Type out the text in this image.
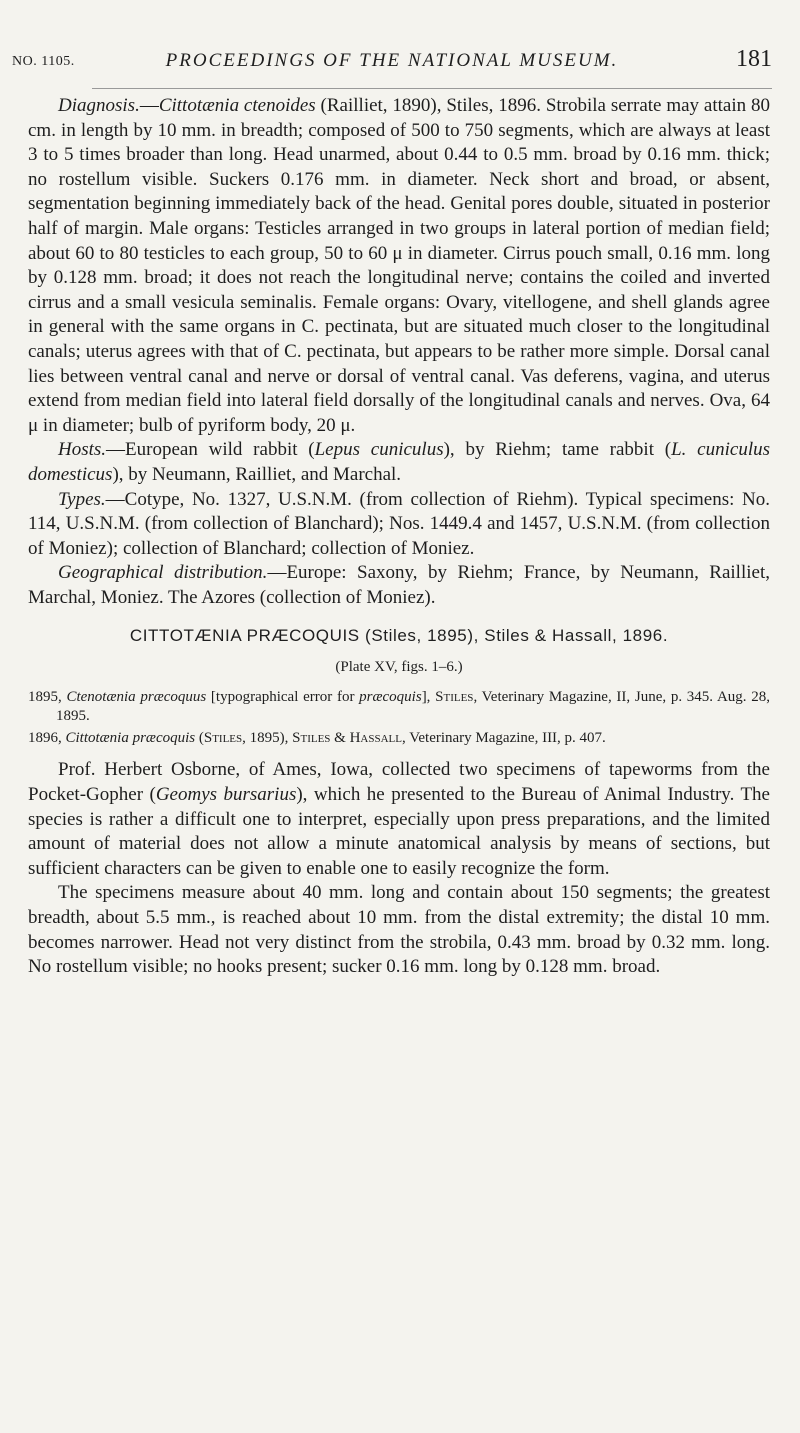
NO. 1105.	PROCEEDINGS OF THE NATIONAL MUSEUM.	181

Diagnosis.—Cittotænia ctenoides (Railliet, 1890), Stiles, 1896. Strobila serrate may attain 80 cm. in length by 10 mm. in breadth; composed of 500 to 750 segments, which are always at least 3 to 5 times broader than long. Head unarmed, about 0.44 to 0.5 mm. broad by 0.16 mm. thick; no rostellum visible. Suckers 0.176 mm. in diameter. Neck short and broad, or absent, segmentation beginning immediately back of the head. Genital pores double, situated in posterior half of margin. Male organs: Testicles arranged in two groups in lateral portion of median field; about 60 to 80 testicles to each group, 50 to 60 μ in diameter. Cirrus pouch small, 0.16 mm. long by 0.128 mm. broad; it does not reach the longitudinal nerve; contains the coiled and inverted cirrus and a small vesicula seminalis. Female organs: Ovary, vitellogene, and shell glands agree in general with the same organs in C. pectinata, but are situated much closer to the longitudinal canals; uterus agrees with that of C. pectinata, but appears to be rather more simple. Dorsal canal lies between ventral canal and nerve or dorsal of ventral canal. Vas deferens, vagina, and uterus extend from median field into lateral field dorsally of the longitudinal canals and nerves. Ova, 64 μ in diameter; bulb of pyriform body, 20 μ.

Hosts.—European wild rabbit (Lepus cuniculus), by Riehm; tame rabbit (L. cuniculus domesticus), by Neumann, Railliet, and Marchal.

Types.—Cotype, No. 1327, U.S.N.M. (from collection of Riehm). Typical specimens: No. 114, U.S.N.M. (from collection of Blanchard); Nos. 1449.4 and 1457, U.S.N.M. (from collection of Moniez); collection of Blanchard; collection of Moniez.

Geographical distribution.—Europe: Saxony, by Riehm; France, by Neumann, Railliet, Marchal, Moniez. The Azores (collection of Moniez).

CITTOTÆNIA PRÆCOQUIS (Stiles, 1895), Stiles & Hassall, 1896.
(Plate XV, figs. 1–6.)
1895, Ctenotænia præcoquus [typographical error for præcoquis], Stiles, Veterinary Magazine, II, June, p. 345. Aug. 28, 1895.
1896, Cittotænia præcoquis (Stiles, 1895), Stiles & Hassall, Veterinary Magazine, III, p. 407.

Prof. Herbert Osborne, of Ames, Iowa, collected two specimens of tapeworms from the Pocket-Gopher (Geomys bursarius), which he presented to the Bureau of Animal Industry. The species is rather a difficult one to interpret, especially upon press preparations, and the limited amount of material does not allow a minute anatomical analysis by means of sections, but sufficient characters can be given to enable one to easily recognize the form.

The specimens measure about 40 mm. long and contain about 150 segments; the greatest breadth, about 5.5 mm., is reached about 10 mm. from the distal extremity; the distal 10 mm. becomes narrower. Head not very distinct from the strobila, 0.43 mm. broad by 0.32 mm. long. No rostellum visible; no hooks present; sucker 0.16 mm. long by 0.128 mm. broad.
